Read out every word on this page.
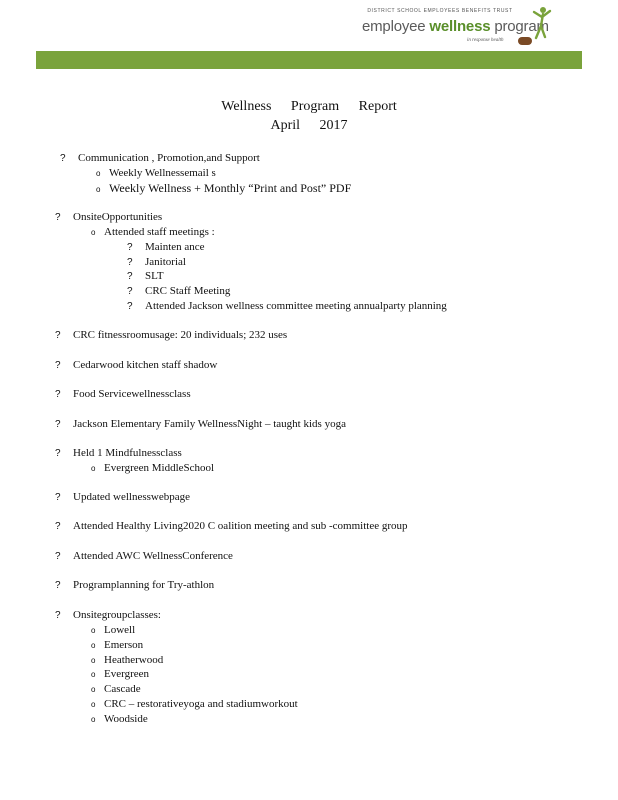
DISTRICT SCHOOL EMPLOYEES BENEFITS TRUST
employee wellness program
in response health
Wellness Program Report
April 2017
? Communication , Promotion,and Support
o Weekly Wellnessemail s
o Weekly Wellness + Monthly “Print and Post” PDF
? OnsiteOpportunities
o Attended staff meetings :
? Mainten ance
? Janitorial
? SLT
? CRC Staff Meeting
? Attended Jackson wellness committee meeting annualparty planning
? CRC fitnessroomusage: 20 individuals; 232 uses
? Cedarwood kitchen staff shadow
? Food Servicewellnessclass
? Jackson Elementary Family WellnessNight – taught kids yoga
? Held 1 Mindfulnessclass
o Evergreen MiddleSchool
? Updated wellnesswebpage
? Attended Healthy Living2020 C oalition meeting and sub -committee group
? Attended AWC WellnessConference
? Programplanning for Try-athlon
? Onsitegroupclasses:
o Lowell
o Emerson
o Heatherwood
o Evergreen
o Cascade
o CRC – restorativeyoga and stadiumworkout
o Woodside
